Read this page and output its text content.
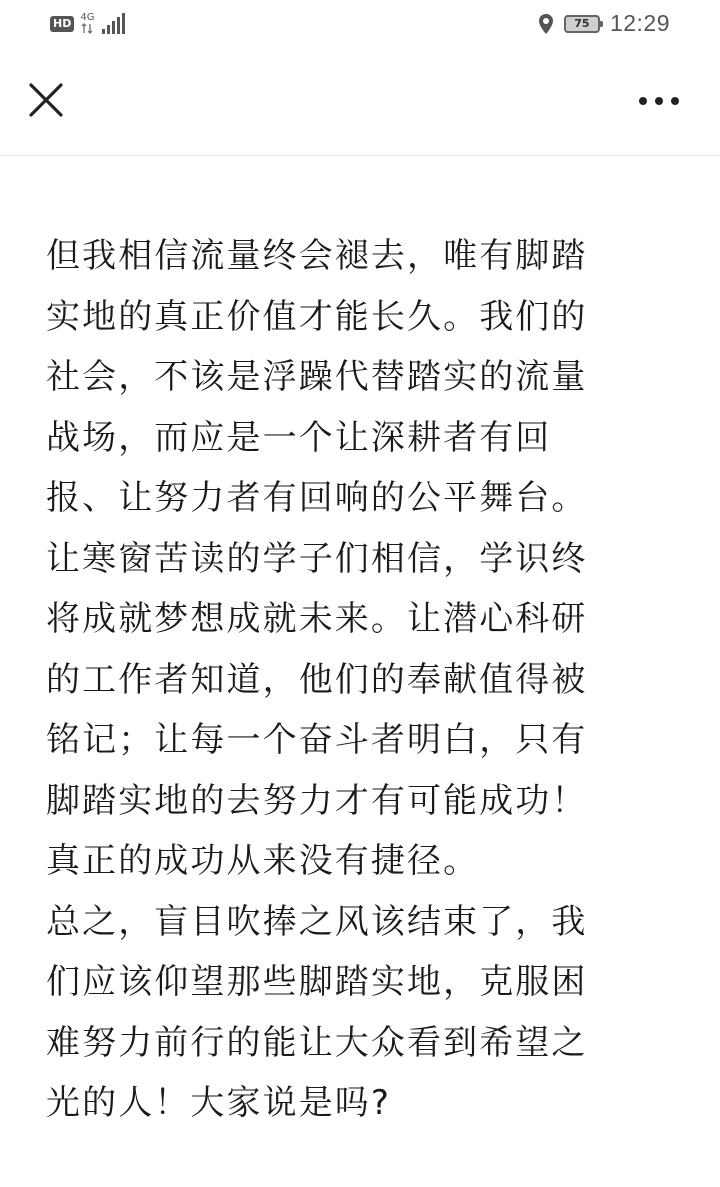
HD 4G	75 12:29

但我相信流量终会褪去，唯有脚踏
实地的真正价值才能长久。我们的
社会，不该是浮躁代替踏实的流量
战场，而应是一个让深耕者有回
报、让努力者有回响的公平舞台。
让寒窗苦读的学子们相信，学识终
将成就梦想成就未来。让潜心科研
的工作者知道，他们的奉献值得被
铭记；让每一个奋斗者明白，只有
脚踏实地的去努力才有可能成功！
真正的成功从来没有捷径。

总之，盲目吹捧之风该结束了，我
们应该仰望那些脚踏实地，克服困
难努力前行的能让大众看到希望之
光的人！大家说是吗?
